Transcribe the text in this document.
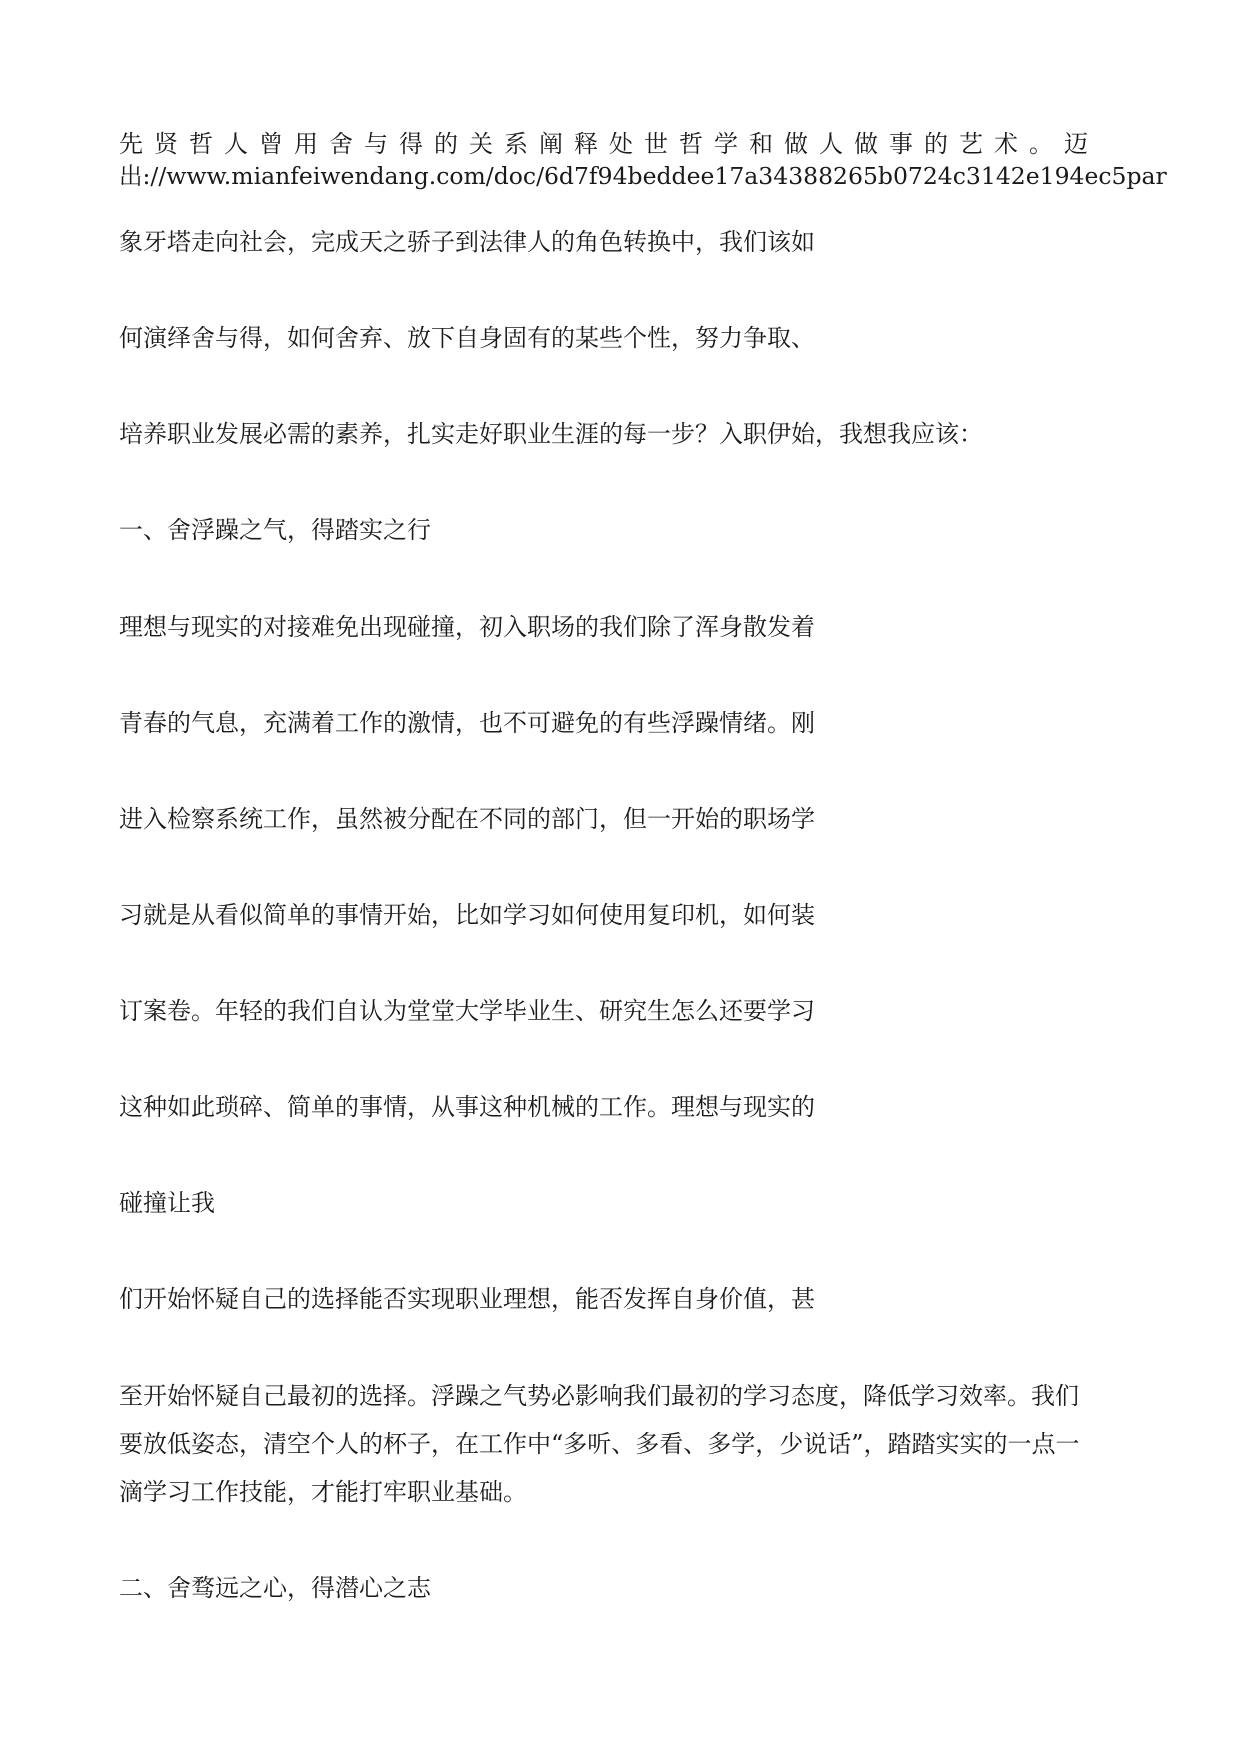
先贤哲人曾用舍与得的关系阐释处世哲学和做人做事的艺术。迈

出://www.mianfeiwendang.com/doc/6d7f94beddee17a34388265b0724c3142e194ec5par

象牙塔走向社会，完成天之骄子到法律人的角色转换中，我们该如

何演绎舍与得，如何舍弃、放下自身固有的某些个性，努力争取、

培养职业发展必需的素养，扎实走好职业生涯的每一步？入职伊始，我想我应该：

一、舍浮躁之气，得踏实之行

理想与现实的对接难免出现碰撞，初入职场的我们除了浑身散发着

青春的气息，充满着工作的激情，也不可避免的有些浮躁情绪。刚

进入检察系统工作，虽然被分配在不同的部门，但一开始的职场学

习就是从看似简单的事情开始，比如学习如何使用复印机，如何装

订案卷。年轻的我们自认为堂堂大学毕业生、研究生怎么还要学习

这种如此琐碎、简单的事情，从事这种机械的工作。理想与现实的

碰撞让我

们开始怀疑自己的选择能否实现职业理想，能否发挥自身价值，甚

至开始怀疑自己最初的选择。浮躁之气势必影响我们最初的学习态度，降低学习效率。我们

要放低姿态，清空个人的杯子，在工作中“多听、多看、多学，少说话”，踏踏实实的一点一

滴学习工作技能，才能打牢职业基础。

二、舍骛远之心，得潜心之志
